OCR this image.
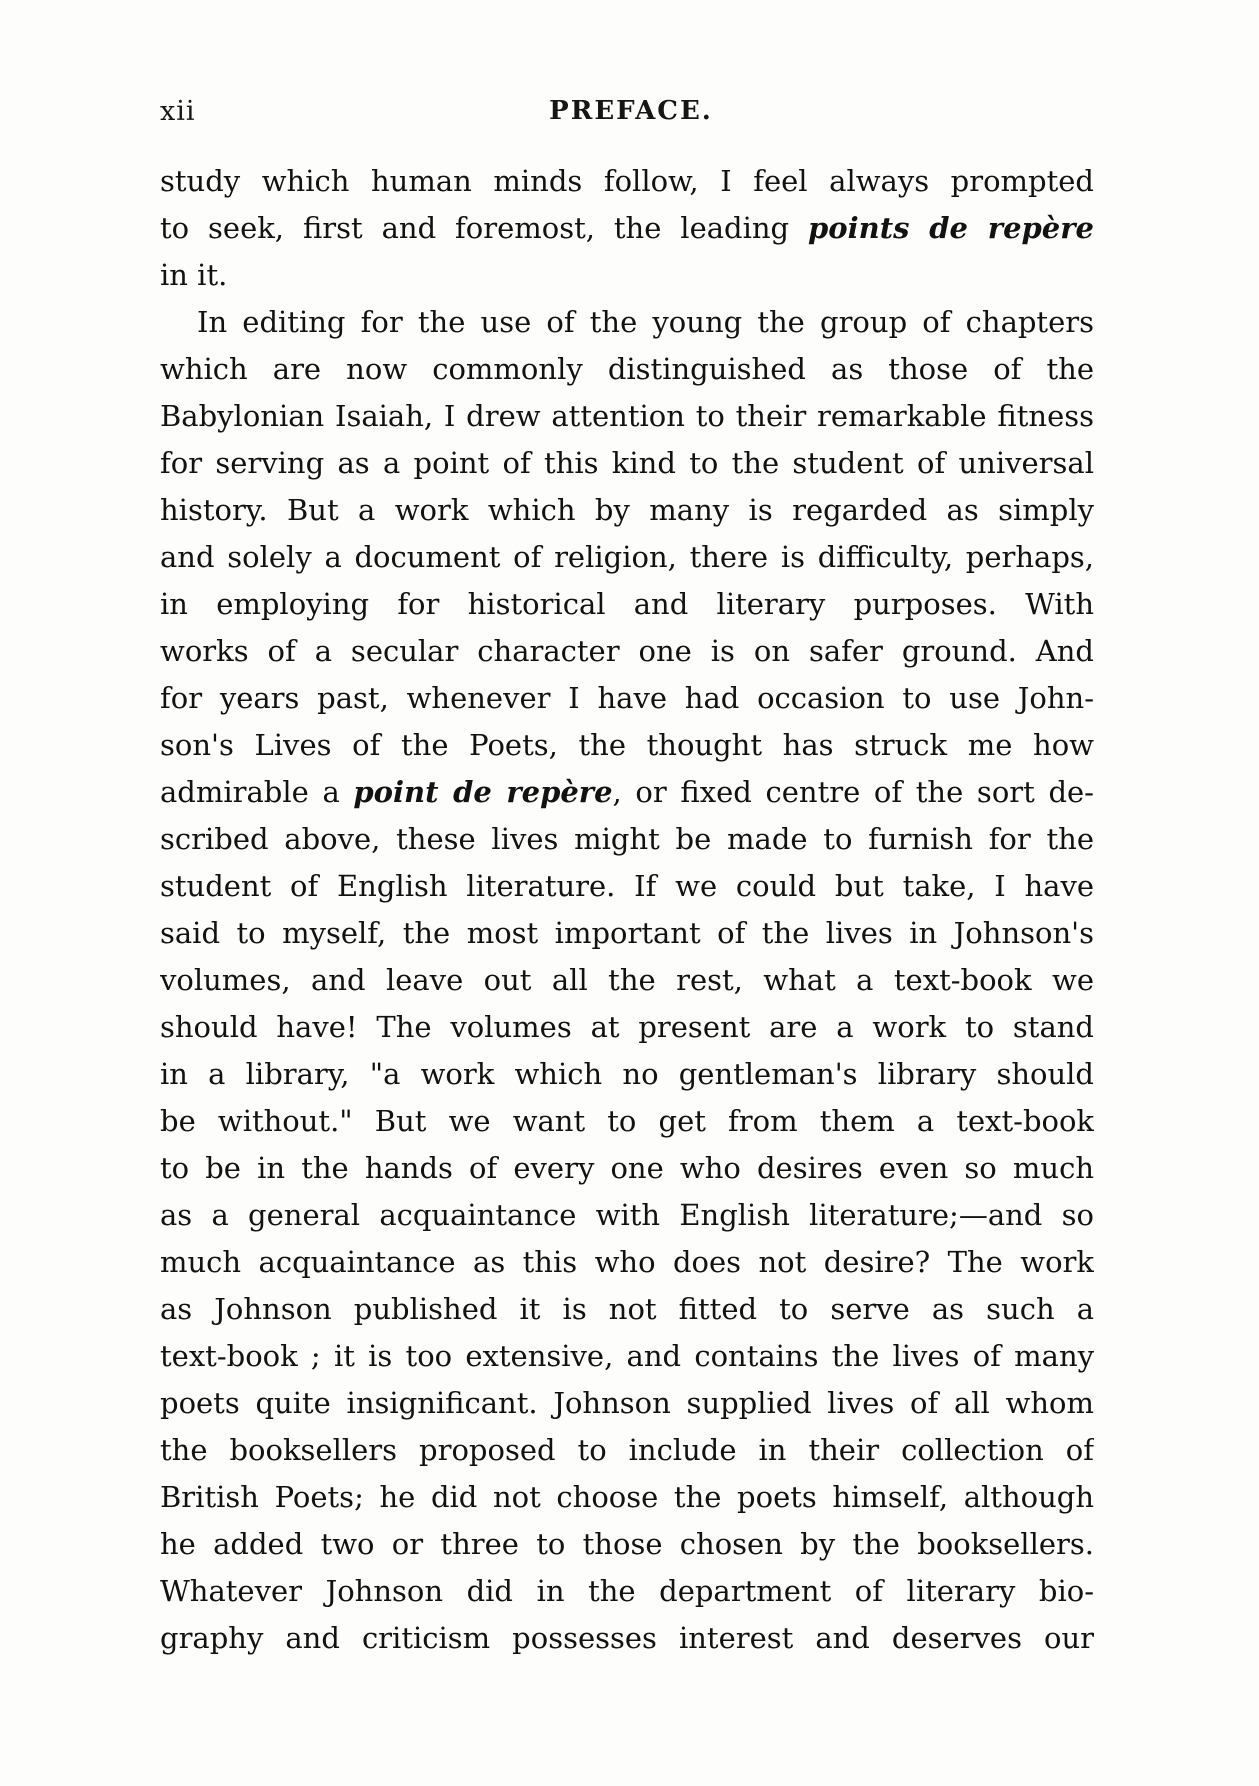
xii	PREFACE.
study which human minds follow, I feel always prompted
to seek, first and foremost, the leading points de repère
in it.
In editing for the use of the young the group of chapters
which are now commonly distinguished as those of the
Babylonian Isaiah, I drew attention to their remarkable fitness
for serving as a point of this kind to the student of universal
history. But a work which by many is regarded as simply
and solely a document of religion, there is difficulty, perhaps,
in employing for historical and literary purposes. With
works of a secular character one is on safer ground. And
for years past, whenever I have had occasion to use John-
son's Lives of the Poets, the thought has struck me how
admirable a point de repère, or fixed centre of the sort de-
scribed above, these lives might be made to furnish for the
student of English literature. If we could but take, I have
said to myself, the most important of the lives in Johnson's
volumes, and leave out all the rest, what a text-book we
should have! The volumes at present are a work to stand
in a library, "a work which no gentleman's library should
be without." But we want to get from them a text-book
to be in the hands of every one who desires even so much
as a general acquaintance with English literature;—and so
much acquaintance as this who does not desire? The work
as Johnson published it is not fitted to serve as such a
text-book ; it is too extensive, and contains the lives of many
poets quite insignificant. Johnson supplied lives of all whom
the booksellers proposed to include in their collection of
British Poets; he did not choose the poets himself, although
he added two or three to those chosen by the booksellers.
Whatever Johnson did in the department of literary bio-
graphy and criticism possesses interest and deserves our
